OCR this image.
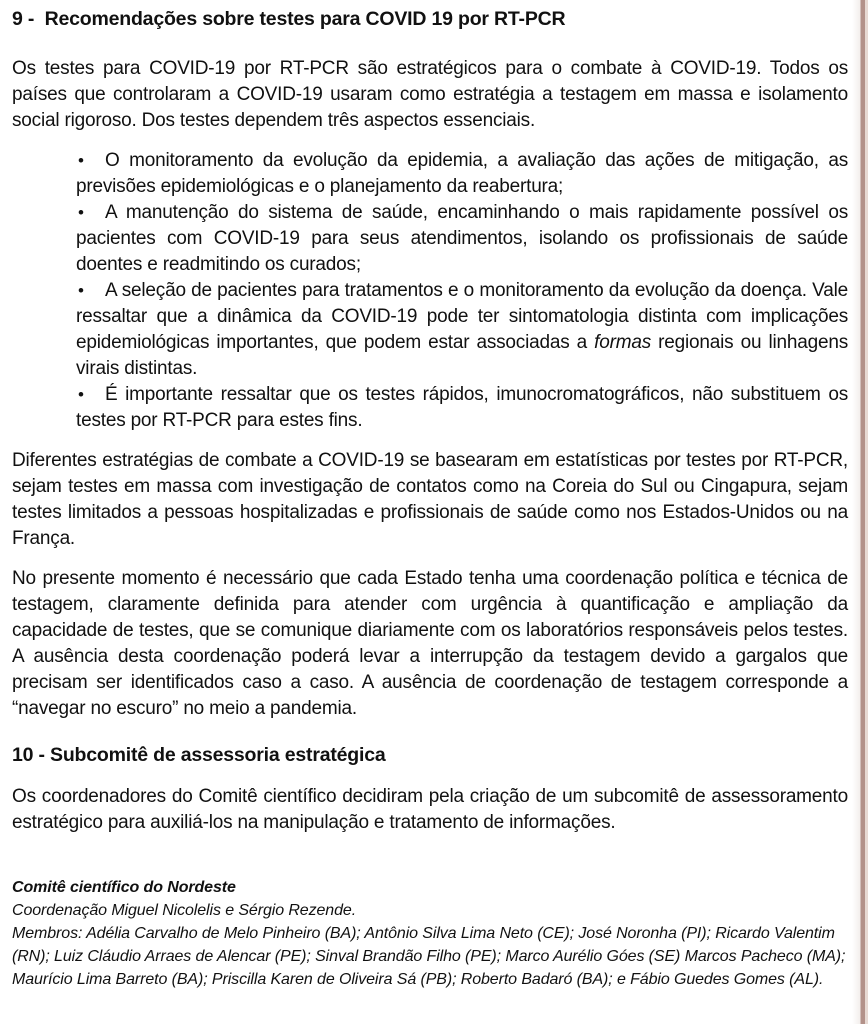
9 -  Recomendações sobre testes para COVID 19 por RT-PCR

Os testes para COVID-19 por RT-PCR são estratégicos para o combate à COVID-19. Todos os países que controlaram a COVID-19 usaram como estratégia a testagem em massa e isolamento social rigoroso. Dos testes dependem três aspectos essenciais.

• O monitoramento da evolução da epidemia, a avaliação das ações de mitigação, as previsões epidemiológicas e o planejamento da reabertura;
• A manutenção do sistema de saúde, encaminhando o mais rapidamente possível os pacientes com COVID-19 para seus atendimentos, isolando os profissionais de saúde doentes e readmitindo os curados;
• A seleção de pacientes para tratamentos e o monitoramento da evolução da doença. Vale ressaltar que a dinâmica da COVID-19 pode ter sintomatologia distinta com implicações epidemiológicas importantes, que podem estar associadas a formas regionais ou linhagens virais distintas.
• É importante ressaltar que os testes rápidos, imunocromatográficos, não substituem os testes por RT-PCR para estes fins.

Diferentes estratégias de combate a COVID-19 se basearam em estatísticas por testes por RT-PCR, sejam testes em massa com investigação de contatos como na Coreia do Sul ou Cingapura, sejam testes limitados a pessoas hospitalizadas e profissionais de saúde como nos Estados-Unidos ou na França.

No presente momento é necessário que cada Estado tenha uma coordenação política e técnica de testagem, claramente definida para atender com urgência à quantificação e ampliação da capacidade de testes, que se comunique diariamente com os laboratórios responsáveis pelos testes. A ausência desta coordenação poderá levar a interrupção da testagem devido a gargalos que precisam ser identificados caso a caso. A ausência de coordenação de testagem corresponde a “navegar no escuro” no meio a pandemia.

10 - Subcomitê de assessoria estratégica

Os coordenadores do Comitê científico decidiram pela criação de um subcomitê de assessoramento estratégico para auxiliá-los na manipulação e tratamento de informações.

Comitê científico do Nordeste
Coordenação Miguel Nicolelis e Sérgio Rezende.
Membros: Adélia Carvalho de Melo Pinheiro (BA); Antônio Silva Lima Neto (CE); José Noronha (PI); Ricardo Valentim (RN); Luiz Cláudio Arraes de Alencar (PE); Sinval Brandão Filho (PE); Marco Aurélio Góes (SE) Marcos Pacheco (MA); Maurício Lima Barreto (BA); Priscilla Karen de Oliveira Sá (PB); Roberto Badaró (BA); e Fábio Guedes Gomes (AL).
